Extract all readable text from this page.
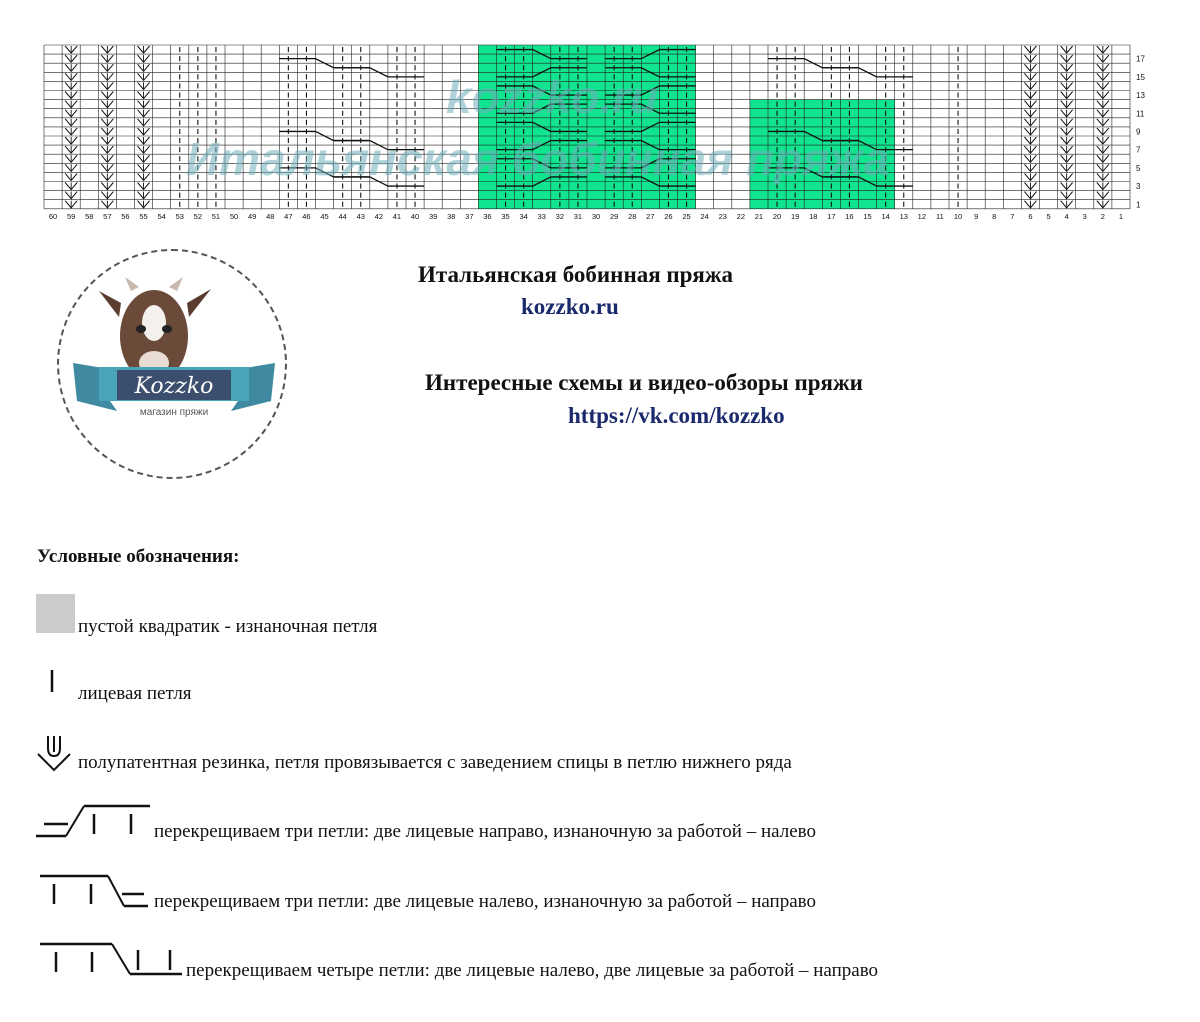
17
15
13
11
9
7
5
3
1
60 59 58 57 56 55 54 53 52 51 50 49 48 47 46 45 44 43 42 41 40 39 38 37 36 35 34 33 32 31 30 29 28 27 26 25 24 23 22 21 20 19 18 17 16 15 14 13 12 11 10 9 8 7 6 5 4 3 2 1
kozzko.ru
Итальянская бобинная пряжа
Kozzko
магазин пряжи
Итальянская бобинная пряжа
kozzko.ru
Интересные схемы и видео-обзоры пряжи
https://vk.com/kozzko
Условные обозначения:
пустой квадратик - изнаночная петля
лицевая петля
полупатентная резинка, петля провязывается с заведением спицы в петлю нижнего ряда
перекрещиваем три петли: две лицевые направо, изнаночную за работой – налево
перекрещиваем три петли: две лицевые налево, изнаночную за работой – направо
перекрещиваем четыре петли: две лицевые налево, две лицевые за работой – направо
